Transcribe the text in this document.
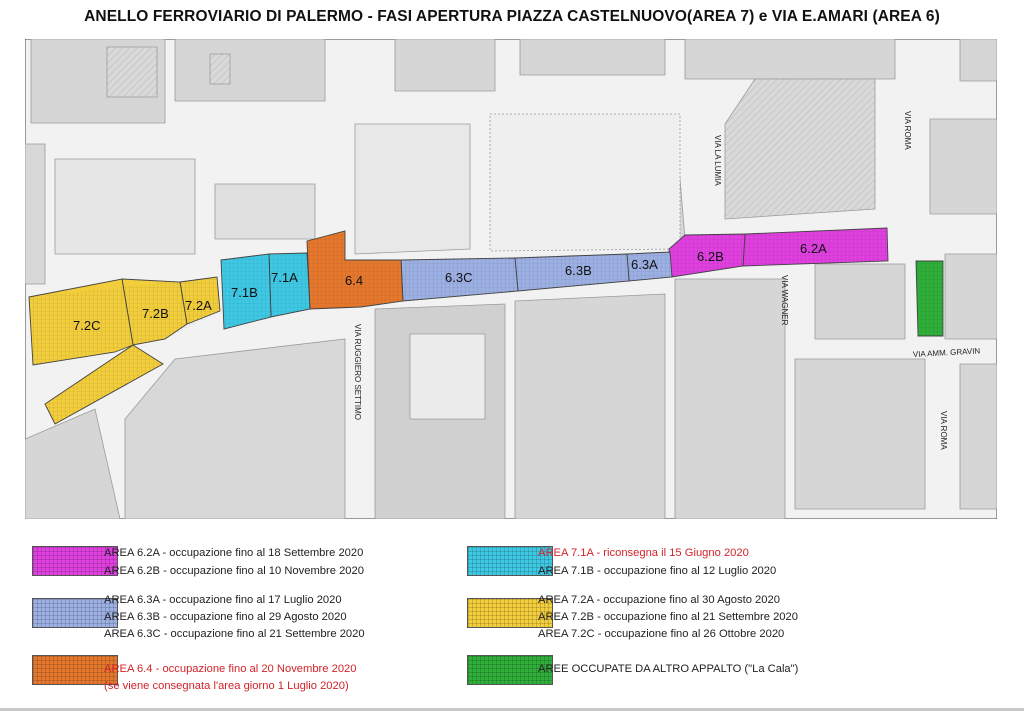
ANELLO FERROVIARIO DI PALERMO - FASI APERTURA PIAZZA CASTELNUOVO(AREA 7) e VIA E.AMARI (AREA 6)
6.2A
6.2B
6.3A
6.3B
6.3C
6.4
7.1A
7.1B
7.2A
7.2B
7.2C
VIA LA LUMIA
VIA ROMA
VIA WAGNER
VIA AMM. GRAVIN
VIA ROMA
VIA RUGGIERO SETTIMO
AREA 6.2A - occupazione fino al 18 Settembre 2020
AREA 6.2B - occupazione fino al 10 Novembre 2020
AREA 6.3A - occupazione fino al 17 Luglio 2020
AREA 6.3B - occupazione fino al 29 Agosto 2020
AREA 6.3C - occupazione fino al 21 Settembre 2020
AREA 6.4 - occupazione fino al 20 Novembre 2020
(se viene consegnata l'area giorno 1 Luglio 2020)
AREA 7.1A - riconsegna il 15 Giugno 2020
AREA 7.1B - occupazione fino al 12 Luglio 2020
AREA 7.2A - occupazione fino al 30 Agosto 2020
AREA 7.2B - occupazione fino al 21 Settembre 2020
AREA 7.2C - occupazione fino al 26 Ottobre 2020
AREE OCCUPATE DA ALTRO APPALTO ("La Cala")
